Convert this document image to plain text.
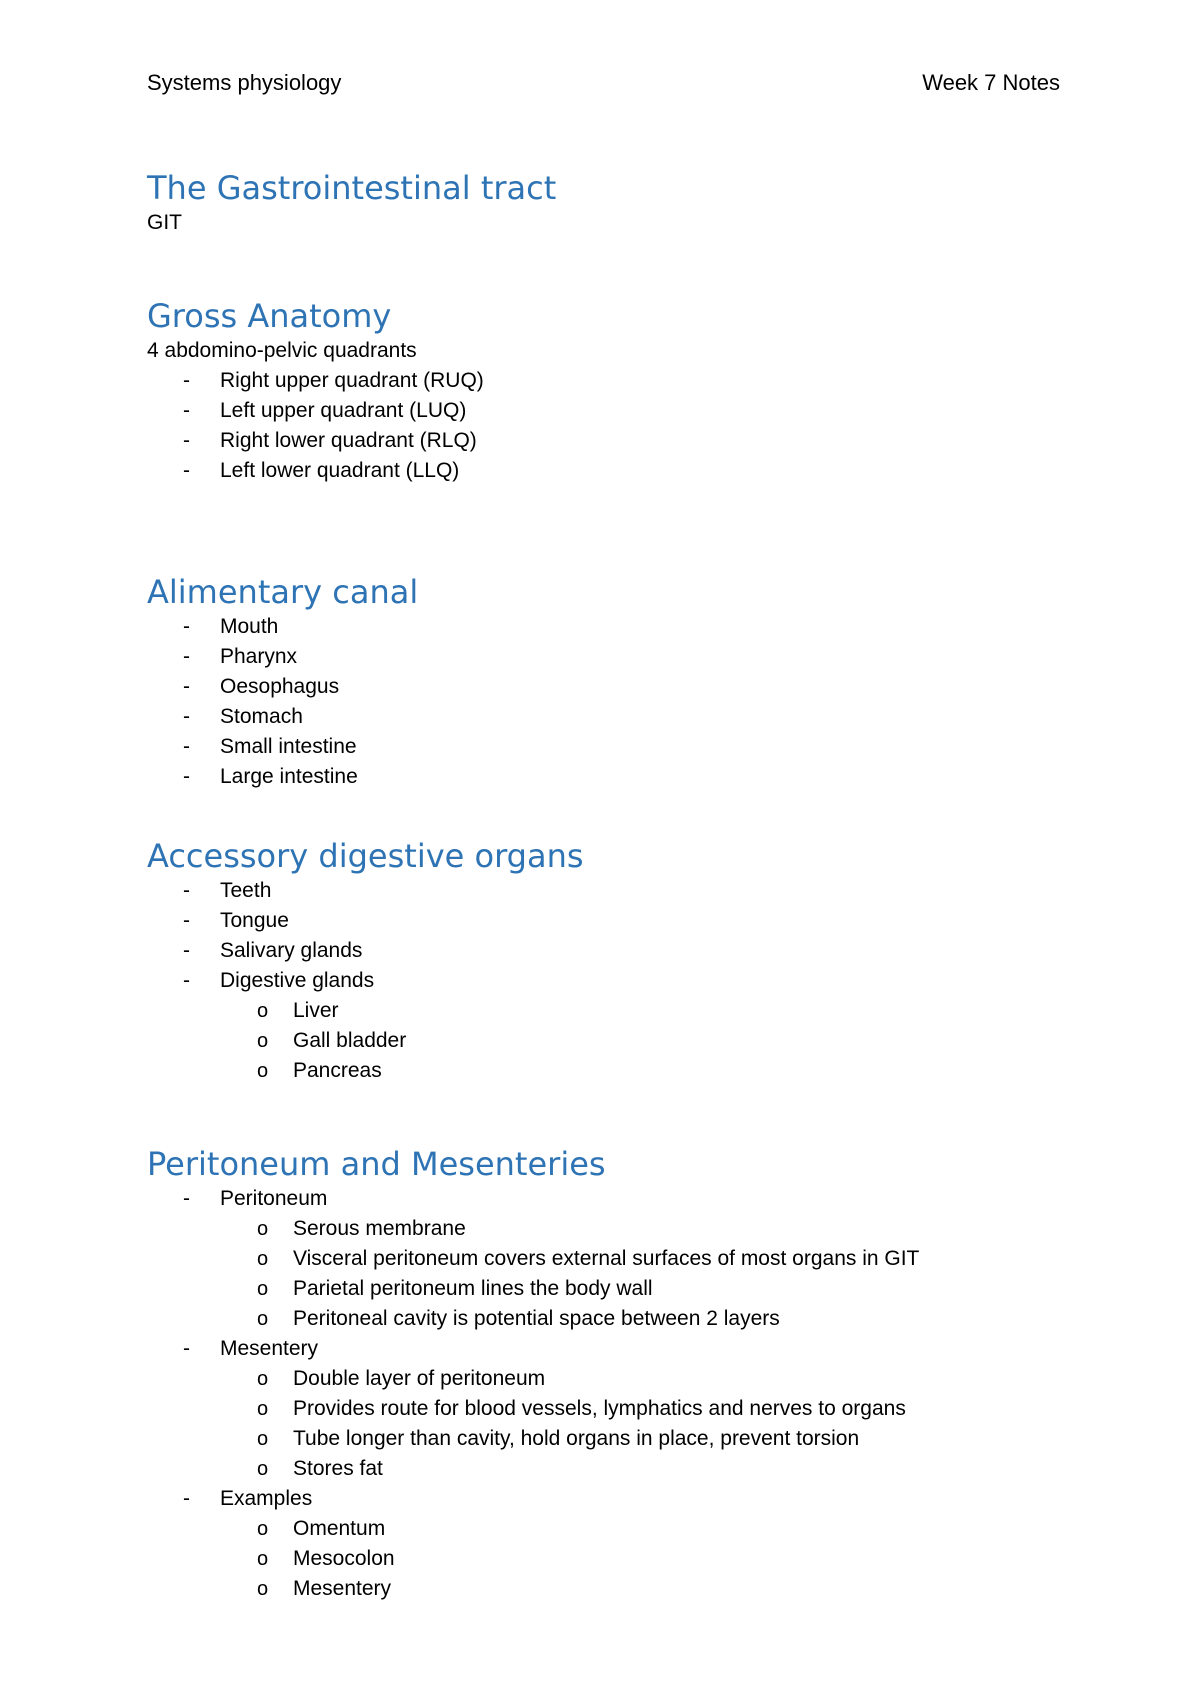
Systems physiology	Week 7 Notes
The Gastrointestinal tract
GIT
Gross Anatomy
4 abdomino-pelvic quadrants
- Right upper quadrant (RUQ)
- Left upper quadrant (LUQ)
- Right lower quadrant (RLQ)
- Left lower quadrant (LLQ)
Alimentary canal
- Mouth
- Pharynx
- Oesophagus
- Stomach
- Small intestine
- Large intestine
Accessory digestive organs
- Teeth
- Tongue
- Salivary glands
- Digestive glands
o Liver
o Gall bladder
o Pancreas
Peritoneum and Mesenteries
- Peritoneum
o Serous membrane
o Visceral peritoneum covers external surfaces of most organs in GIT
o Parietal peritoneum lines the body wall
o Peritoneal cavity is potential space between 2 layers
- Mesentery
o Double layer of peritoneum
o Provides route for blood vessels, lymphatics and nerves to organs
o Tube longer than cavity, hold organs in place, prevent torsion
o Stores fat
- Examples
o Omentum
o Mesocolon
o Mesentery
